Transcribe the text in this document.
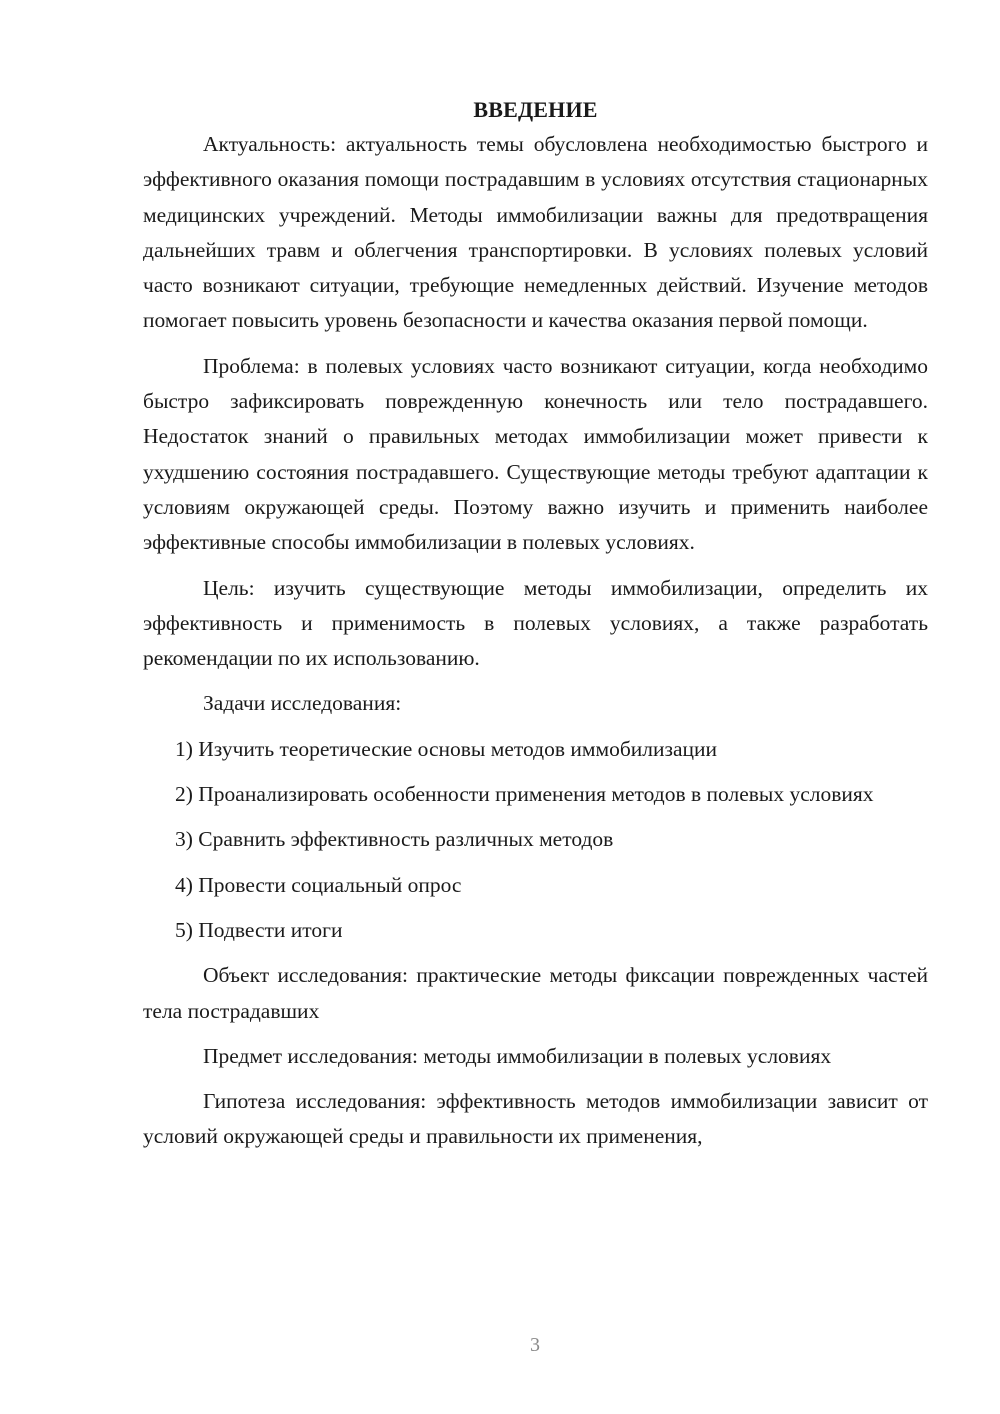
ВВЕДЕНИЕ

Актуальность: актуальность темы обусловлена необходимостью быстрого и эффективного оказания помощи пострадавшим в условиях отсутствия стационарных медицинских учреждений. Методы иммобилизации важны для предотвращения дальнейших травм и облегчения транспортировки. В условиях полевых условий часто возникают ситуации, требующие немедленных действий. Изучение методов помогает повысить уровень безопасности и качества оказания первой помощи.

Проблема: в полевых условиях часто возникают ситуации, когда необходимо быстро зафиксировать поврежденную конечность или тело пострадавшего. Недостаток знаний о правильных методах иммобилизации может привести к ухудшению состояния пострадавшего. Существующие методы требуют адаптации к условиям окружающей среды. Поэтому важно изучить и применить наиболее эффективные способы иммобилизации в полевых условиях.

Цель: изучить существующие методы иммобилизации, определить их эффективность и применимость в полевых условиях, а также разработать рекомендации по их использованию.

Задачи исследования:

1) Изучить теоретические основы методов иммобилизации

2) Проанализировать особенности применения методов в полевых условиях

3) Сравнить эффективность различных методов

4) Провести социальный опрос

5) Подвести итоги

Объект исследования: практические методы фиксации поврежденных частей тела пострадавших

Предмет исследования: методы иммобилизации в полевых условиях

Гипотеза исследования: эффективность методов иммобилизации зависит от условий окружающей среды и правильности их применения,

3
